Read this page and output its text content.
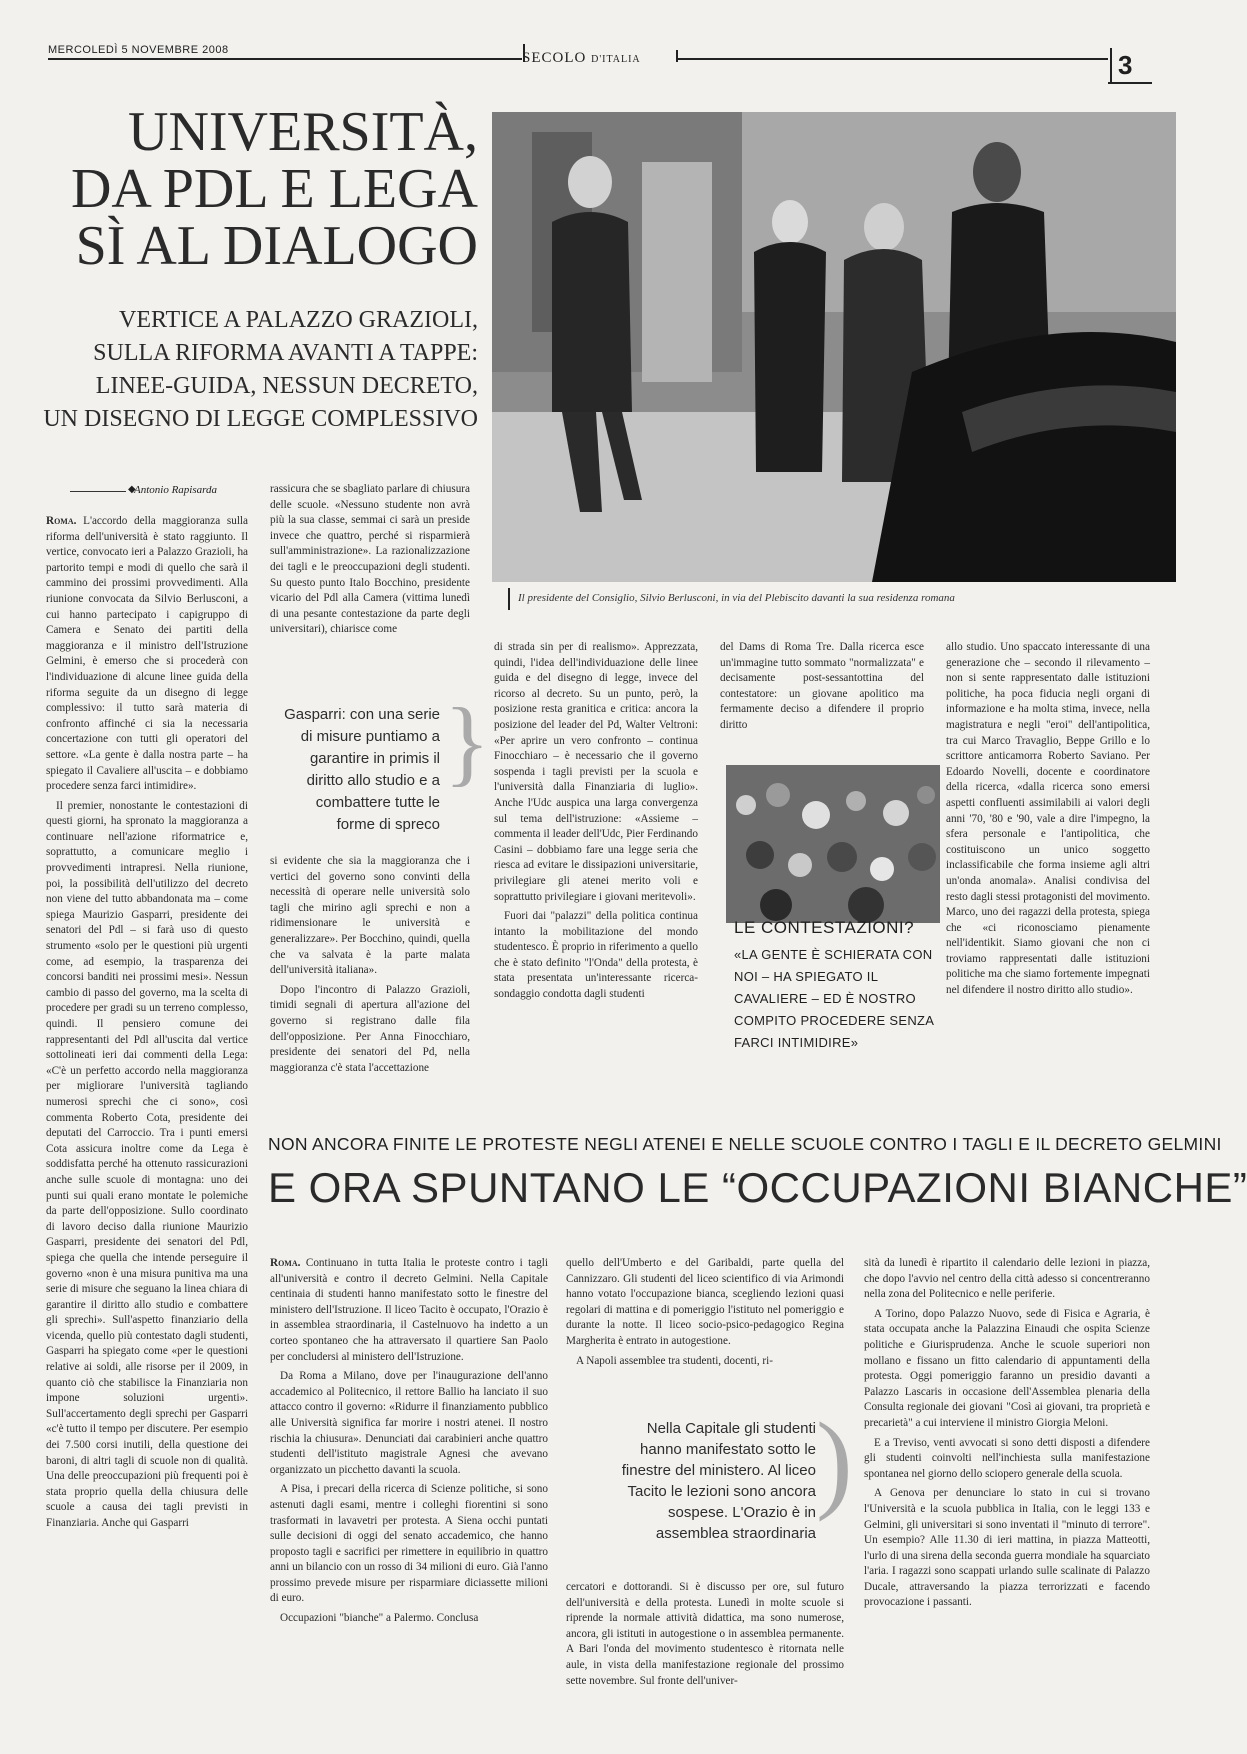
MERCOLEDÌ 5 NOVEMBRE 2008	SECOLO D'ITALIA	3
UNIVERSITÀ,
DA PDL E LEGA
SÌ AL DIALOGO
VERTICE A PALAZZO GRAZIOLI,
SULLA RIFORMA AVANTI A TAPPE:
LINEE-GUIDA, NESSUN DECRETO,
UN DISEGNO DI LEGGE COMPLESSIVO
Il presidente del Consiglio, Silvio Berlusconi, in via del Plebiscito davanti la sua residenza romana
◆
Antonio Rapisarda

Roma. L'accordo della maggioranza sulla riforma dell'università è stato raggiunto. Il vertice, convocato ieri a Palazzo Grazioli, ha partorito tempi e modi di quello che sarà il cammino dei prossimi provvedimenti. Alla riunione convocata da Silvio Berlusconi, a cui hanno partecipato i capigruppo di Camera e Senato dei partiti della maggioranza e il ministro dell'Istruzione Gelmini, è emerso che si procederà con l'individuazione di alcune linee guida della riforma seguite da un disegno di legge complessivo: il tutto sarà materia di confronto affinché ci sia la necessaria concertazione con tutti gli operatori del settore. «La gente è dalla nostra parte – ha spiegato il Cavaliere all'uscita – e dobbiamo procedere senza farci intimidire».

Il premier, nonostante le contestazioni di questi giorni, ha spronato la maggioranza a continuare nell'azione riformatrice e, soprattutto, a comunicare meglio i provvedimenti intrapresi. Nella riunione, poi, la possibilità dell'utilizzo del decreto non viene del tutto abbandonata ma – come spiega Maurizio Gasparri, presidente dei senatori del Pdl – si farà uso di questo strumento «solo per le questioni più urgenti come, ad esempio, la trasparenza dei concorsi banditi nei prossimi mesi». Nessun cambio di passo del governo, ma la scelta di procedere per gradi su un terreno complesso, quindi. Il pensiero comune dei rappresentanti del Pdl all'uscita dal vertice sottolineati ieri dai commenti della Lega: «C'è un perfetto accordo nella maggioranza per migliorare l'università tagliando numerosi sprechi che ci sono», così commenta Roberto Cota, presidente dei deputati del Carroccio. Tra i punti emersi Cota assicura inoltre come da Lega è soddisfatta perché ha ottenuto rassicurazioni anche sulle scuole di montagna: uno dei punti sui quali erano montate le polemiche da parte dell'opposizione. Sullo coordinato di lavoro deciso dalla riunione Maurizio Gasparri, presidente dei senatori del Pdl, spiega che quella che intende perseguire il governo «non è una misura punitiva ma una serie di misure che seguano la linea chiara di garantire il diritto allo studio e combattere gli sprechi». Sull'aspetto finanziario della vicenda, quello più contestato dagli studenti, Gasparri ha spiegato come «per le questioni relative ai soldi, alle risorse per il 2009, in quanto ciò che stabilisce la Finanziaria non impone soluzioni urgenti». Sull'accertamento degli sprechi per Gasparri «c'è tutto il tempo per discutere. Per esempio dei 7.500 corsi inutili, della questione dei baroni, di altri tagli di scuole non di qualità. Una delle preoccupazioni più frequenti poi è stata proprio quella della chiusura delle scuole a causa dei tagli previsti in Finanziaria. Anche qui Gasparri

rassicura che se sbagliato parlare di chiusura delle scuole. «Nessuno studente non avrà più la sua classe, semmai ci sarà un preside invece che quattro, perché si risparmierà sull'amministrazione». La razionalizzazione dei tagli e le preoccupazioni degli studenti. Su questo punto Italo Bocchino, presidente vicario del Pdl alla Camera (vittima lunedì di una pesante contestazione da parte degli universitari), chiarisce come

Gasparri: con una serie di misure puntiamo a garantire in primis il diritto allo studio e a combattere tutte le forme di spreco
}

si evidente che sia la maggioranza che i vertici del governo sono convinti della necessità di operare nelle università solo tagli che mirino agli sprechi e non a ridimensionare le università e generalizzare». Per Bocchino, quindi, quella che va salvata è la parte malata dell'università italiana».

Dopo l'incontro di Palazzo Grazioli, timidi segnali di apertura all'azione del governo si registrano dalle fila dell'opposizione. Per Anna Finocchiaro, presidente dei senatori del Pd, nella maggioranza c'è stata l'accettazione

di strada sin per di realismo». Apprezzata, quindi, l'idea dell'individuazione delle linee guida e del disegno di legge, invece del ricorso al decreto. Su un punto, però, la posizione resta granitica e critica: ancora la posizione del leader del Pd, Walter Veltroni: «Per aprire un vero confronto – continua Finocchiaro – è necessario che il governo sospenda i tagli previsti per la scuola e l'università dalla Finanziaria di luglio». Anche l'Udc auspica una larga convergenza sul tema dell'istruzione: «Assieme – commenta il leader dell'Udc, Pier Ferdinando Casini – dobbiamo fare una legge seria che riesca ad evitare le dissipazioni universitarie, privilegiare gli atenei merito voli e soprattutto privilegiare i giovani meritevoli».

Fuori dai "palazzi" della politica continua intanto la mobilitazione del mondo studentesco. È proprio in riferimento a quello che è stato definito "l'Onda" della protesta, è stata presentata un'interessante ricerca-sondaggio condotta dagli studenti

del Dams di Roma Tre. Dalla ricerca esce un'immagine tutto sommato "normalizzata" e decisamente post-sessantottina del contestatore: un giovane apolitico ma fermamente deciso a difendere il proprio diritto

LE CONTESTAZIONI?
«LA GENTE È SCHIERATA CON NOI – HA SPIEGATO IL CAVALIERE – ED È NOSTRO COMPITO PROCEDERE SENZA FARCI INTIMIDIRE»

allo studio. Uno spaccato interessante di una generazione che – secondo il rilevamento – non si sente rappresentato dalle istituzioni politiche, ha poca fiducia negli organi di informazione e ha molta stima, invece, nella magistratura e negli "eroi" dell'antipolitica, tra cui Marco Travaglio, Beppe Grillo e lo scrittore anticamorra Roberto Saviano. Per Edoardo Novelli, docente e coordinatore della ricerca, «dalla ricerca sono emersi aspetti confluenti assimilabili ai valori degli anni '70, '80 e '90, vale a dire l'impegno, la sfera personale e l'antipolitica, che costituiscono un unico soggetto inclassificabile che forma insieme agli altri un'onda anomala». Analisi condivisa del resto dagli stessi protagonisti del movimento. Marco, uno dei ragazzi della protesta, spiega che «ci riconosciamo pienamente nell'identikit. Siamo giovani che non ci troviamo rappresentati dalle istituzioni politiche ma che siamo fortemente impegnati nel difendere il nostro diritto allo studio».

NON ANCORA FINITE LE PROTESTE NEGLI ATENEI E NELLE SCUOLE CONTRO I TAGLI E IL DECRETO GELMINI
E ORA SPUNTANO LE “OCCUPAZIONI BIANCHE”

Roma. Continuano in tutta Italia le proteste contro i tagli all'università e contro il decreto Gelmini. Nella Capitale centinaia di studenti hanno manifestato sotto le finestre del ministero dell'Istruzione. Il liceo Tacito è occupato, l'Orazio è in assemblea straordinaria, il Castelnuovo ha indetto a un corteo spontaneo che ha attraversato il quartiere San Paolo per concludersi al ministero dell'Istruzione.

Da Roma a Milano, dove per l'inaugurazione dell'anno accademico al Politecnico, il rettore Ballio ha lanciato il suo attacco contro il governo: «Ridurre il finanziamento pubblico alle Università significa far morire i nostri atenei. Il nostro rischia la chiusura». Denunciati dai carabinieri anche quattro studenti dell'istituto magistrale Agnesi che avevano organizzato un picchetto davanti la scuola.

A Pisa, i precari della ricerca di Scienze politiche, si sono astenuti dagli esami, mentre i colleghi fiorentini si sono trasformati in lavavetri per protesta. A Siena occhi puntati sulle decisioni di oggi del senato accademico, che hanno proposto tagli e sacrifici per rimettere in equilibrio in quattro anni un bilancio con un rosso di 34 milioni di euro. Già l'anno prossimo prevede misure per risparmiare diciassette milioni di euro.

Occupazioni "bianche" a Palermo. Conclusa

quello dell'Umberto e del Garibaldi, parte quella del Cannizzaro. Gli studenti del liceo scientifico di via Arimondi hanno votato l'occupazione bianca, scegliendo lezioni quasi regolari di mattina e di pomeriggio l'istituto nel pomeriggio e durante la notte. Il liceo socio-psico-pedagogico Regina Margherita è entrato in autogestione.

A Napoli assemblee tra studenti, docenti, ri-

Nella Capitale gli studenti hanno manifestato sotto le finestre del ministero. Al liceo Tacito le lezioni sono ancora sospese. L'Orazio è in assemblea straordinaria
)

cercatori e dottorandi. Si è discusso per ore, sul futuro dell'università e della protesta. Lunedì in molte scuole si riprende la normale attività didattica, ma sono numerose, ancora, gli istituti in autogestione o in assemblea permanente. A Bari l'onda del movimento studentesco è ritornata nelle aule, in vista della manifestazione regionale del prossimo sette novembre. Sul fronte dell'univer-

sità da lunedì è ripartito il calendario delle lezioni in piazza, che dopo l'avvio nel centro della città adesso si concentreranno nella zona del Politecnico e nelle periferie.

A Torino, dopo Palazzo Nuovo, sede di Fisica e Agraria, è stata occupata anche la Palazzina Einaudi che ospita Scienze politiche e Giurisprudenza. Anche le scuole superiori non mollano e fissano un fitto calendario di appuntamenti della protesta. Oggi pomeriggio faranno un presidio davanti a Palazzo Lascaris in occasione dell'Assemblea plenaria della Consulta regionale dei giovani "Così ai giovani, tra proprietà e precarietà" a cui interviene il ministro Giorgia Meloni.

E a Treviso, venti avvocati si sono detti disposti a difendere gli studenti coinvolti nell'inchiesta sulla manifestazione spontanea nel giorno dello sciopero generale della scuola.

A Genova per denunciare lo stato in cui si trovano l'Università e la scuola pubblica in Italia, con le leggi 133 e Gelmini, gli universitari si sono inventati il "minuto di terrore". Un esempio? Alle 11.30 di ieri mattina, in piazza Matteotti, l'urlo di una sirena della seconda guerra mondiale ha squarciato l'aria. I ragazzi sono scappati urlando sulle scalinate di Palazzo Ducale, attraversando la piazza terrorizzati e facendo provocazione i passanti.
